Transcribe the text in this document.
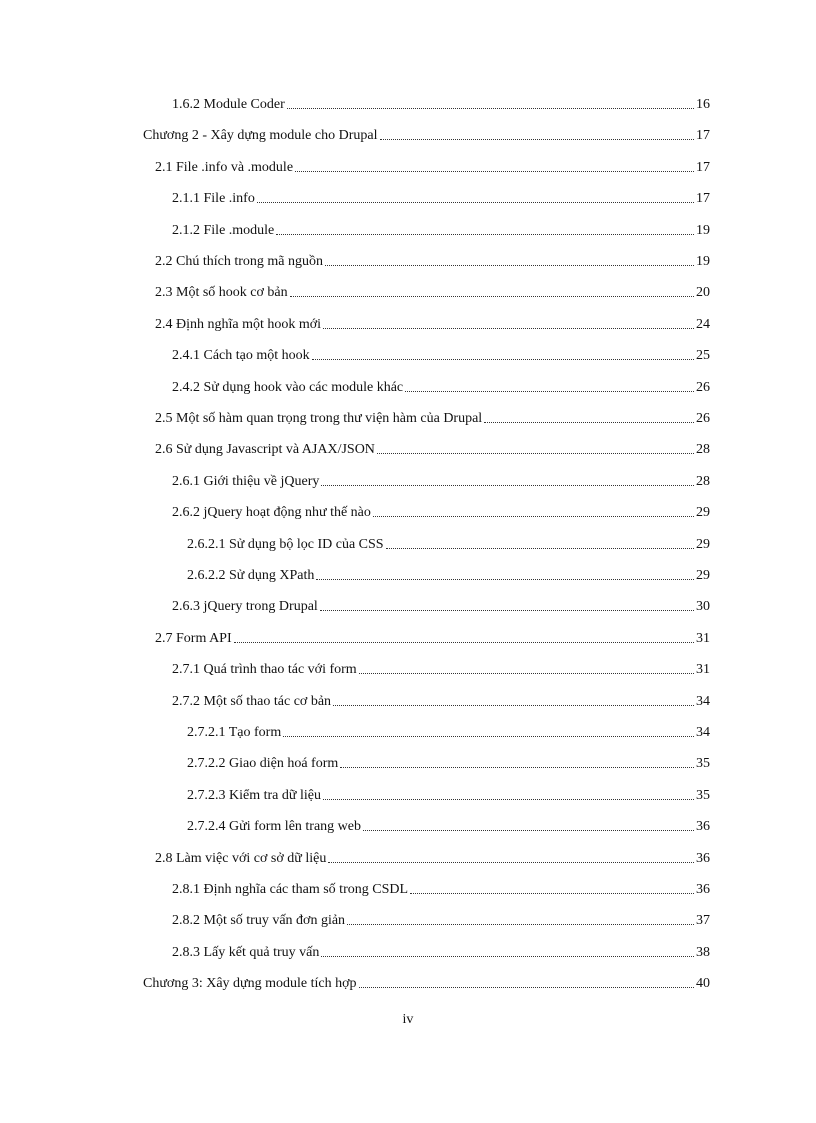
1.6.2 Module Coder	16
Chương 2 - Xây dựng module cho Drupal	17
2.1 File .info và .module	17
2.1.1 File .info	17
2.1.2 File .module	19
2.2 Chú thích trong mã nguồn	19
2.3 Một số hook cơ bản	20
2.4 Định nghĩa một hook mới	24
2.4.1 Cách tạo một hook	25
2.4.2 Sử dụng hook vào các module khác	26
2.5 Một số hàm quan trọng trong thư viện hàm của Drupal	26
2.6 Sử dụng Javascript và AJAX/JSON	28
2.6.1 Giới thiệu về jQuery	28
2.6.2 jQuery hoạt động như thế nào	29
2.6.2.1 Sử dụng bộ lọc ID của CSS	29
2.6.2.2 Sử dụng XPath	29
2.6.3 jQuery trong Drupal	30
2.7 Form API	31
2.7.1 Quá trình thao tác với form	31
2.7.2 Một số thao tác cơ bản	34
2.7.2.1 Tạo form	34
2.7.2.2 Giao diện hoá form	35
2.7.2.3 Kiểm tra dữ liệu	35
2.7.2.4 Gửi form lên trang web	36
2.8 Làm việc với cơ sở dữ liệu	36
2.8.1 Định nghĩa các tham số trong CSDL	36
2.8.2 Một số truy vấn đơn giản	37
2.8.3 Lấy kết quả truy vấn	38
Chương 3: Xây dựng module tích hợp	40
iv
